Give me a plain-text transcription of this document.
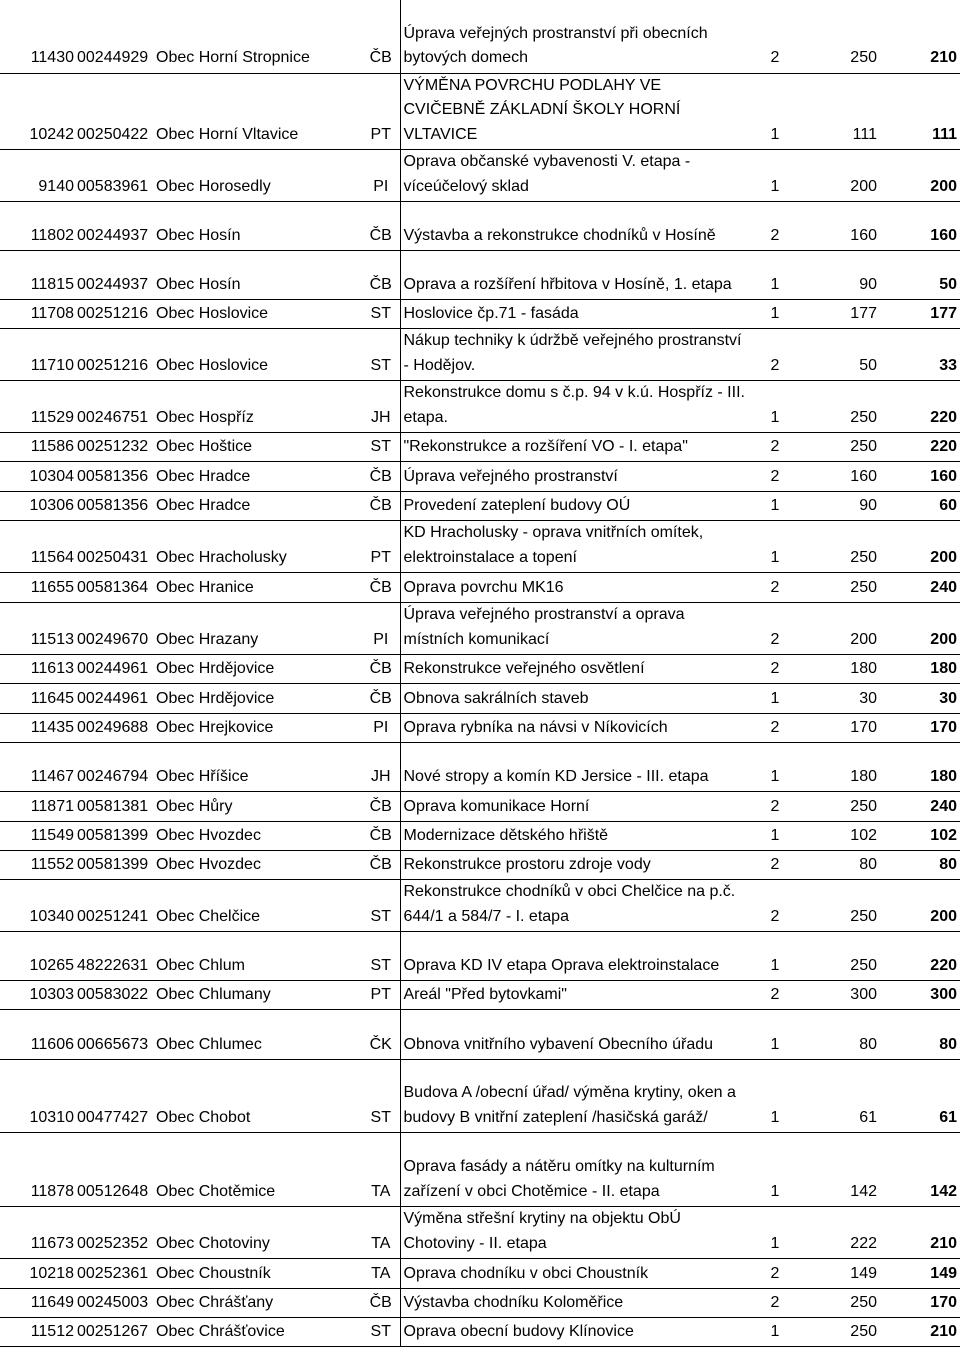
11430	00244929	Obec Horní Stropnice	ČB	Úprava veřejných prostranství při obecních bytových domech	2	250	210
10242	00250422	Obec Horní Vltavice	PT	VÝMĚNA POVRCHU PODLAHY VE CVIČEBNĚ ZÁKLADNÍ ŠKOLY HORNÍ VLTAVICE	1	111	111
9140	00583961	Obec Horosedly	PI	Oprava občanské vybavenosti V. etapa - víceúčelový sklad	1	200	200
11802	00244937	Obec Hosín	ČB	Výstavba a rekonstrukce chodníků v Hosíně	2	160	160
11815	00244937	Obec Hosín	ČB	Oprava a rozšíření hřbitova v Hosíně, 1. etapa	1	90	50
11708	00251216	Obec Hoslovice	ST	Hoslovice čp.71 - fasáda	1	177	177
11710	00251216	Obec Hoslovice	ST	Nákup techniky k údržbě veřejného prostranství - Hodějov.	2	50	33
11529	00246751	Obec Hospříz	JH	Rekonstrukce domu s č.p. 94 v k.ú. Hospříz - III. etapa.	1	250	220
11586	00251232	Obec Hoštice	ST	"Rekonstrukce a rozšíření VO - I. etapa"	2	250	220
10304	00581356	Obec Hradce	ČB	Úprava veřejného prostranství	2	160	160
10306	00581356	Obec Hradce	ČB	Provedení zateplení budovy OÚ	1	90	60
11564	00250431	Obec Hracholusky	PT	KD Hracholusky - oprava vnitřních omítek, elektroinstalace a topení	1	250	200
11655	00581364	Obec Hranice	ČB	Oprava povrchu MK16	2	250	240
11513	00249670	Obec Hrazany	PI	Úprava veřejného prostranství a oprava místních komunikací	2	200	200
11613	00244961	Obec Hrdějovice	ČB	Rekonstrukce veřejného osvětlení	2	180	180
11645	00244961	Obec Hrdějovice	ČB	Obnova sakrálních staveb	1	30	30
11435	00249688	Obec Hrejkovice	PI	Oprava rybníka na návsi v Níkovicích	2	170	170
11467	00246794	Obec Hříšice	JH	Nové stropy a komín KD Jersice - III. etapa	1	180	180
11871	00581381	Obec Hůry	ČB	Oprava komunikace Horní	2	250	240
11549	00581399	Obec Hvozdec	ČB	Modernizace dětského hřiště	1	102	102
11552	00581399	Obec Hvozdec	ČB	Rekonstrukce prostoru zdroje vody	2	80	80
10340	00251241	Obec Chelčice	ST	Rekonstrukce chodníků v obci Chelčice na p.č. 644/1 a 584/7 - I. etapa	2	250	200
10265	48222631	Obec Chlum	ST	Oprava KD IV etapa Oprava elektroinstalace	1	250	220
10303	00583022	Obec Chlumany	PT	Areál "Před bytovkami"	2	300	300
11606	00665673	Obec Chlumec	ČK	Obnova vnitřního vybavení Obecního úřadu	1	80	80
10310	00477427	Obec Chobot	ST	Budova A /obecní úřad/ výměna krytiny, oken a budovy B vnitřní zateplení /hasičská garáž/	1	61	61
11878	00512648	Obec Chotěmice	TA	Oprava fasády a nátěru omítky na kulturním zařízení v obci Chotěmice - II. etapa	1	142	142
11673	00252352	Obec Chotoviny	TA	Výměna střešní krytiny na objektu ObÚ Chotoviny - II. etapa	1	222	210
10218	00252361	Obec Choustník	TA	Oprava chodníku v obci Choustník	2	149	149
11649	00245003	Obec Chrášťany	ČB	Výstavba chodníku Koloměřice	2	250	170
11512	00251267	Obec Chrášťovice	ST	Oprava obecní budovy Klínovice	1	250	210
